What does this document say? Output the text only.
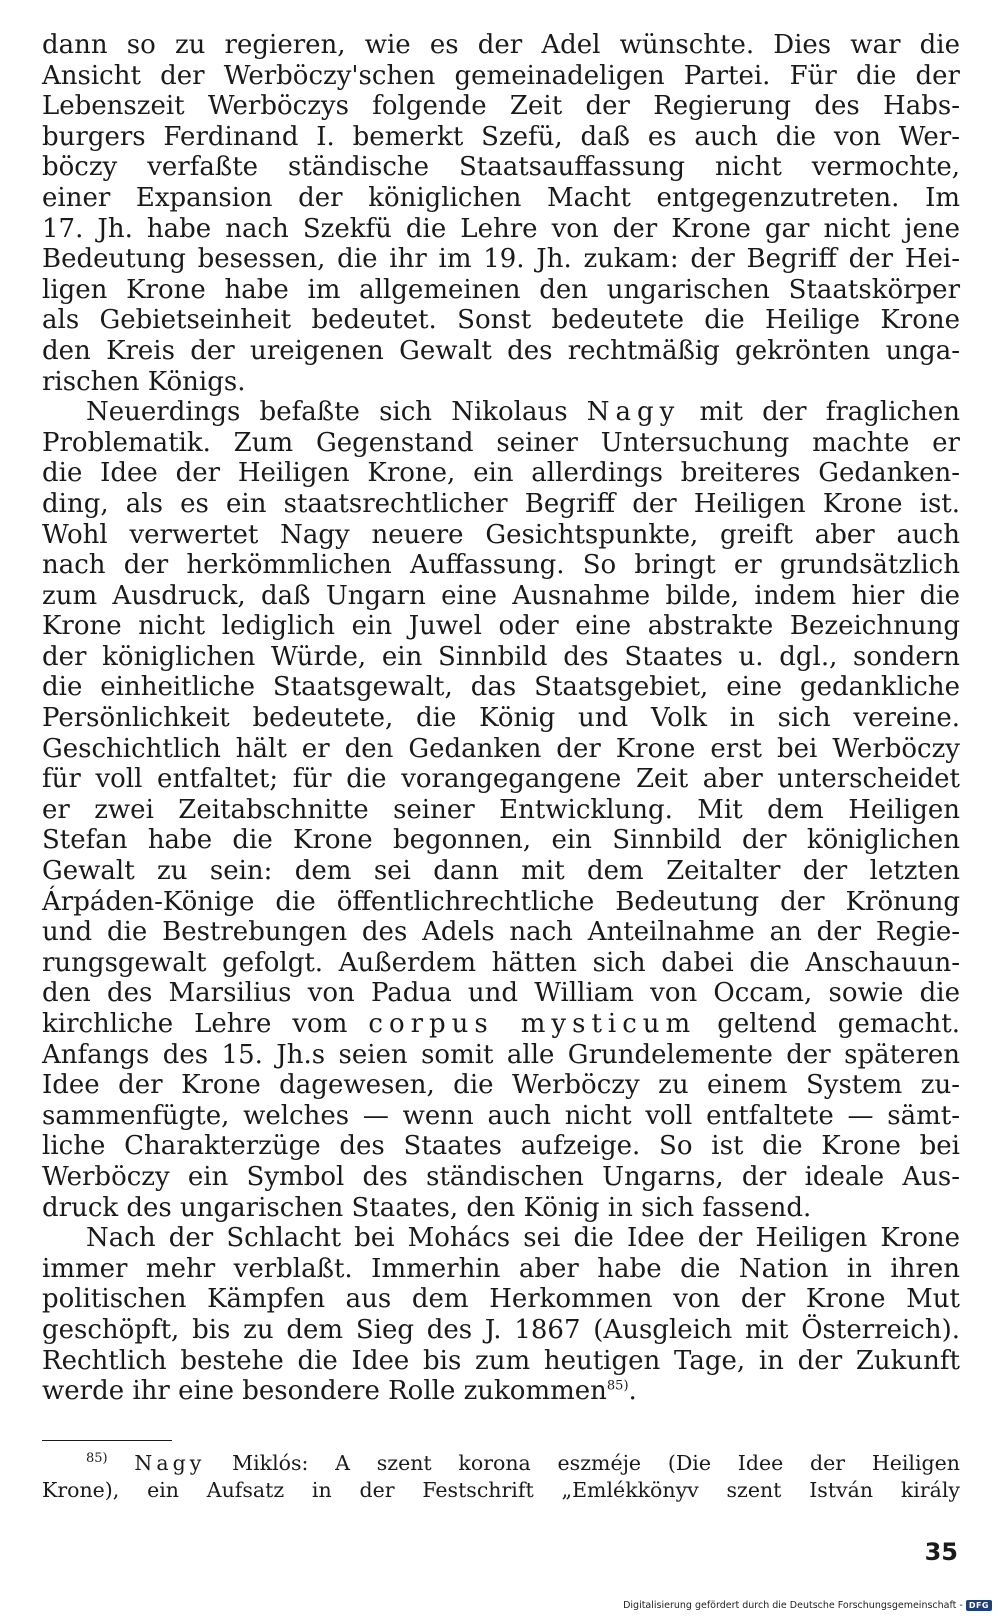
dann so zu regieren, wie es der Adel wünschte. Dies war die
Ansicht der Werböczy'schen gemeinadeligen Partei. Für die der
Lebenszeit Werböczys folgende Zeit der Regierung des Habs-
burgers Ferdinand I. bemerkt Szefü, daß es auch die von Wer-
böczy verfaßte ständische Staatsauffassung nicht vermochte,
einer Expansion der königlichen Macht entgegenzutreten. Im
17. Jh. habe nach Szekfü die Lehre von der Krone gar nicht jene
Bedeutung besessen, die ihr im 19. Jh. zukam: der Begriff der Hei-
ligen Krone habe im allgemeinen den ungarischen Staatskörper
als Gebietseinheit bedeutet. Sonst bedeutete die Heilige Krone
den Kreis der ureigenen Gewalt des rechtmäßig gekrönten unga-
rischen Königs.
Neuerdings befaßte sich Nikolaus Nagy mit der fraglichen
Problematik. Zum Gegenstand seiner Untersuchung machte er
die Idee der Heiligen Krone, ein allerdings breiteres Gedanken-
ding, als es ein staatsrechtlicher Begriff der Heiligen Krone ist.
Wohl verwertet Nagy neuere Gesichtspunkte, greift aber auch
nach der herkömmlichen Auffassung. So bringt er grundsätzlich
zum Ausdruck, daß Ungarn eine Ausnahme bilde, indem hier die
Krone nicht lediglich ein Juwel oder eine abstrakte Bezeichnung
der königlichen Würde, ein Sinnbild des Staates u. dgl., sondern
die einheitliche Staatsgewalt, das Staatsgebiet, eine gedankliche
Persönlichkeit bedeutete, die König und Volk in sich vereine.
Geschichtlich hält er den Gedanken der Krone erst bei Werböczy
für voll entfaltet; für die vorangegangene Zeit aber unterscheidet
er zwei Zeitabschnitte seiner Entwicklung. Mit dem Heiligen
Stefan habe die Krone begonnen, ein Sinnbild der königlichen
Gewalt zu sein: dem sei dann mit dem Zeitalter der letzten
Árpáden-Könige die öffentlichrechtliche Bedeutung der Krönung
und die Bestrebungen des Adels nach Anteilnahme an der Regie-
rungsgewalt gefolgt. Außerdem hätten sich dabei die Anschauun-
den des Marsilius von Padua und William von Occam, sowie die
kirchliche Lehre vom corpus mysticum geltend gemacht.
Anfangs des 15. Jh.s seien somit alle Grundelemente der späteren
Idee der Krone dagewesen, die Werböczy zu einem System zu-
sammenfügte, welches — wenn auch nicht voll entfaltete — sämt-
liche Charakterzüge des Staates aufzeige. So ist die Krone bei
Werböczy ein Symbol des ständischen Ungarns, der ideale Aus-
druck des ungarischen Staates, den König in sich fassend.
Nach der Schlacht bei Mohács sei die Idee der Heiligen Krone
immer mehr verblaßt. Immerhin aber habe die Nation in ihren
politischen Kämpfen aus dem Herkommen von der Krone Mut
geschöpft, bis zu dem Sieg des J. 1867 (Ausgleich mit Österreich).
Rechtlich bestehe die Idee bis zum heutigen Tage, in der Zukunft
werde ihr eine besondere Rolle zukommen$^{85)}$.
$^{85)}$ Nagy Miklós: A szent korona eszméje (Die Idee der Heiligen
Krone), ein Aufsatz in der Festschrift „Emlékkönyv szent István király
35
Digitalisierung gefördert durch die Deutsche Forschungsgemeinschaft - DFG
